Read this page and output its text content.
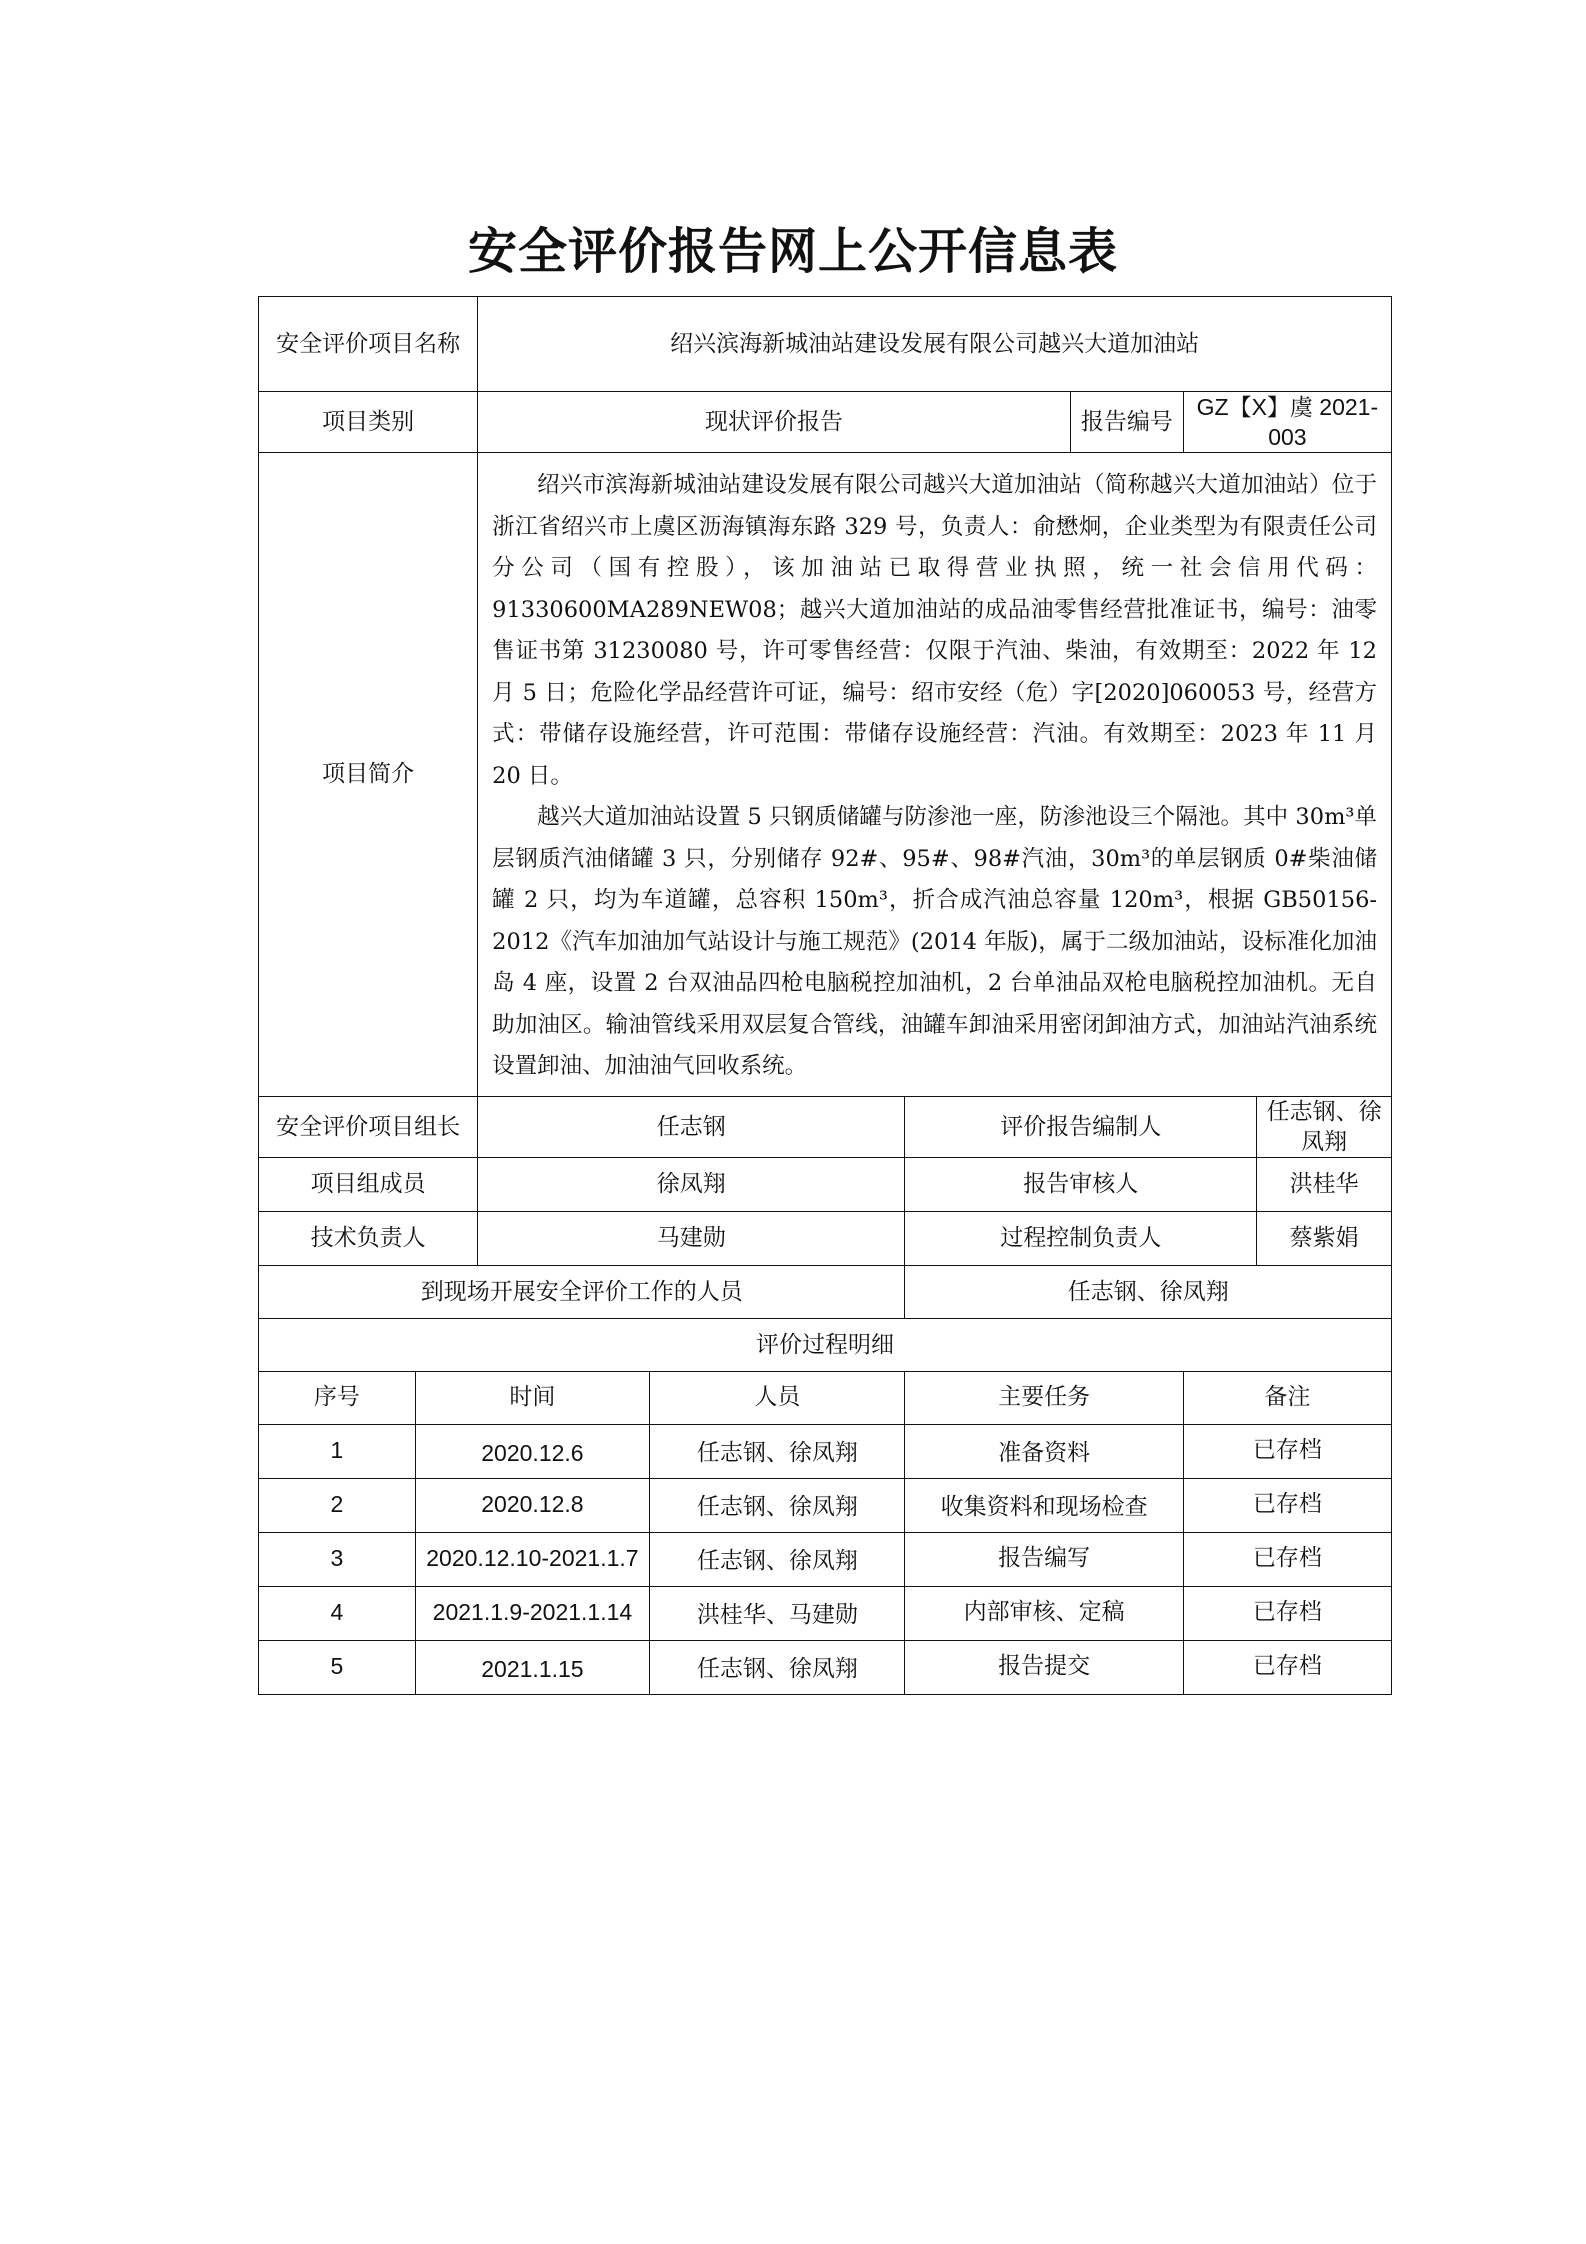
安全评价报告网上公开信息表
安全评价项目名称		绍兴滨海新城油站建设发展有限公司越兴大道加油站					
项目类别		现状评价报告			报告编号	GZ【X】虞 2021-003	
项目简介		绍兴市滨海新城油站建设发展有限公司越兴大道加油站（简称越兴大道加油站）位于浙江省绍兴市上虞区沥海镇海东路 329 号，负责人：俞懋炯，企业类型为有限责任公司分公司（国有控股），该加油站已取得营业执照，统一社会信用代码：91330600MA289NEW08；越兴大道加油站的成品油零售经营批准证书，编号：油零售证书第 31230080 号，许可零售经营：仅限于汽油、柴油，有效期至：2022 年 12 月 5 日；危险化学品经营许可证，编号：绍市安经（危）字[2020]060053 号，经营方式：带储存设施经营，许可范围：带储存设施经营：汽油。有效期至：2023 年 11 月 20 日。

越兴大道加油站设置 5 只钢质储罐与防渗池一座，防渗池设三个隔池。其中 30m³单层钢质汽油储罐 3 只，分别储存 92#、95#、98#汽油，30m³的单层钢质 0#柴油储罐 2 只，均为车道罐，总容积 150m³，折合成汽油总容量 120m³，根据 GB50156-2012《汽车加油加气站设计与施工规范》(2014 年版)，属于二级加油站，设标准化加油岛 4 座，设置 2 台双油品四枪电脑税控加油机，2 台单油品双枪电脑税控加油机。无自助加油区。输油管线采用双层复合管线，油罐车卸油采用密闭卸油方式，加油站汽油系统设置卸油、加油油气回收系统。					

安全评价项目组长		任志钢		评价报告编制人			任志钢、徐凤翔
项目组成员		徐凤翔		报告审核人			洪桂华
技术负责人		马建勋		过程控制负责人			蔡紫娟
到现场开展安全评价工作的人员				任志钢、徐凤翔			
评价过程明细							
序号	时间		人员	主要任务		备注	
1	2020.12.6		任志钢、徐凤翔	准备资料		已存档	
2	2020.12.8		任志钢、徐凤翔	收集资料和现场检查		已存档	
3	2020.12.10-2021.1.7		任志钢、徐凤翔	报告编写		已存档	
4	2021.1.9-2021.1.14		洪桂华、马建勋	内部审核、定稿		已存档	
5	2021.1.15		任志钢、徐凤翔	报告提交		已存档	
